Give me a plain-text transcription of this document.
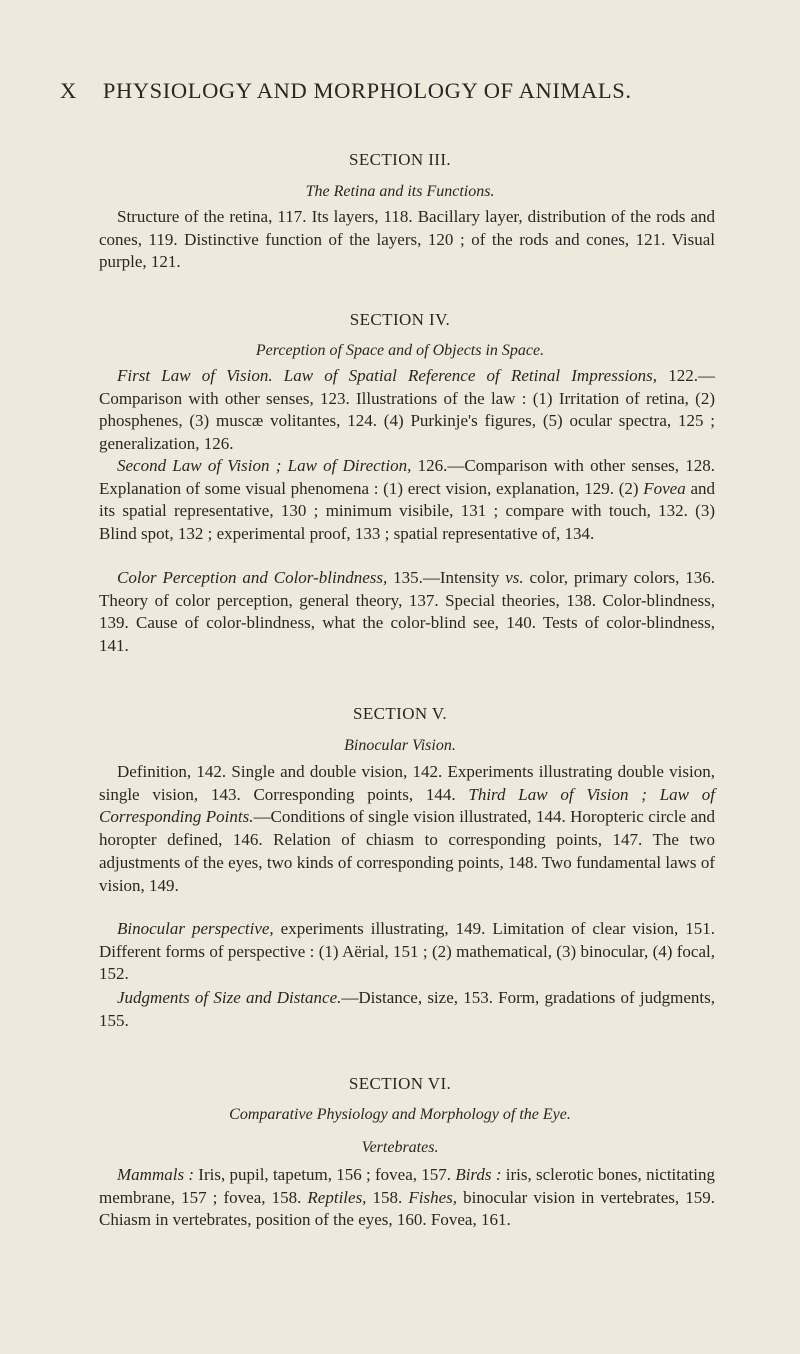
X PHYSIOLOGY AND MORPHOLOGY OF ANIMALS.
SECTION III.
The Retina and its Functions.

Structure of the retina, 117. Its layers, 118. Bacillary layer, distribution of the rods and cones, 119. Distinctive function of the layers, 120 ; of the rods and cones, 121. Visual purple, 121.

SECTION IV.
Perception of Space and of Objects in Space.

First Law of Vision. Law of Spatial Reference of Retinal Impressions, 122.—Comparison with other senses, 123. Illustrations of the law : (1) Irritation of retina, (2) phosphenes, (3) muscæ volitantes, 124. (4) Purkinje's figures, (5) ocular spectra, 125 ; generalization, 126.

Second Law of Vision ; Law of Direction, 126.—Comparison with other senses, 128. Explanation of some visual phenomena : (1) erect vision, explanation, 129. (2) Fovea and its spatial representative, 130 ; minimum visibile, 131 ; compare with touch, 132. (3) Blind spot, 132 ; experimental proof, 133 ; spatial representative of, 134.

Color Perception and Color-blindness, 135.—Intensity vs. color, primary colors, 136. Theory of color perception, general theory, 137. Special theories, 138. Color-blindness, 139. Cause of color-blindness, what the color-blind see, 140. Tests of color-blindness, 141.

SECTION V.
Binocular Vision.

Definition, 142. Single and double vision, 142. Experiments illustrating double vision, single vision, 143. Corresponding points, 144. Third Law of Vision ; Law of Corresponding Points.—Conditions of single vision illustrated, 144. Horopteric circle and horopter defined, 146. Relation of chiasm to corresponding points, 147. The two adjustments of the eyes, two kinds of corresponding points, 148. Two fundamental laws of vision, 149.

Binocular perspective, experiments illustrating, 149. Limitation of clear vision, 151. Different forms of perspective : (1) Aërial, 151 ; (2) mathematical, (3) binocular, (4) focal, 152.

Judgments of Size and Distance.—Distance, size, 153. Form, gradations of judgments, 155.

SECTION VI.
Comparative Physiology and Morphology of the Eye.
Vertebrates.

Mammals : Iris, pupil, tapetum, 156 ; fovea, 157. Birds : iris, sclerotic bones, nictitating membrane, 157 ; fovea, 158. Reptiles, 158. Fishes, binocular vision in vertebrates, 159. Chiasm in vertebrates, position of the eyes, 160. Fovea, 161.
